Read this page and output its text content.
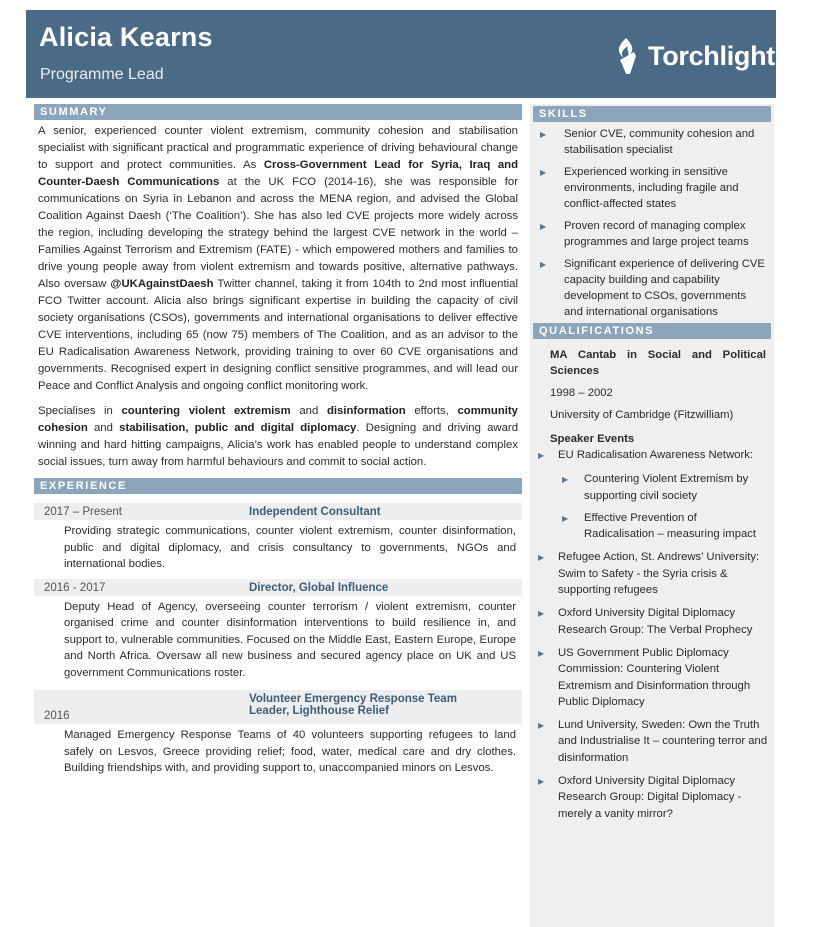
Alicia Kearns
Programme Lead
Torchlight
SUMMARY

A senior, experienced counter violent extremism, community cohesion and stabilisation specialist with significant practical and programmatic experience of driving behavioural change to support and protect communities. As Cross-Government Lead for Syria, Iraq and Counter-Daesh Communications at the UK FCO (2014-16), she was responsible for communications on Syria in Lebanon and across the MENA region, and advised the Global Coalition Against Daesh (‘The Coalition’). She has also led CVE projects more widely across the region, including developing the strategy behind the largest CVE network in the world – Families Against Terrorism and Extremism (FATE) - which empowered mothers and families to drive young people away from violent extremism and towards positive, alternative pathways. Also oversaw @UKAgainstDaesh Twitter channel, taking it from 104th to 2nd most influential FCO Twitter account. Alicia also brings significant expertise in building the capacity of civil society organisations (CSOs), governments and international organisations to deliver effective CVE interventions, including 65 (now 75) members of The Coalition, and as an advisor to the EU Radicalisation Awareness Network, providing training to over 60 CVE organisations and governments. Recognised expert in designing conflict sensitive programmes, and will lead our Peace and Conflict Analysis and ongoing conflict monitoring work.

Specialises in countering violent extremism and disinformation efforts, community cohesion and stabilisation, public and digital diplomacy. Designing and driving award winning and hard hitting campaigns, Alicia’s work has enabled people to understand complex social issues, turn away from harmful behaviours and commit to social action.

EXPERIENCE
2017 – Present	Independent Consultant
Providing strategic communications, counter violent extremism, counter disinformation, public and digital diplomacy, and crisis consultancy to governments, NGOs and international bodies.
2016 - 2017	Director, Global Influence
Deputy Head of Agency, overseeing counter terrorism / violent extremism, counter organised crime and counter disinformation interventions to build resilience in, and support to, vulnerable communities. Focused on the Middle East, Eastern Europe, Europe and North Africa. Oversaw all new business and secured agency place on UK and US government Communications roster.
2016
Volunteer Emergency Response Team
Leader, Lighthouse Relief
Managed Emergency Response Teams of 40 volunteers supporting refugees to land safely on Lesvos, Greece providing relief; food, water, medical care and dry clothes. Building friendships with, and providing support to, unaccompanied minors on Lesvos.
SKILLS
▶ Senior CVE, community cohesion and stabilisation specialist
▶ Experienced working in sensitive environments, including fragile and conflict-affected states
▶ Proven record of managing complex programmes and large project teams
▶ Significant experience of delivering CVE capacity building and capability development to CSOs, governments and international organisations
QUALIFICATIONS
MA Cantab in Social and Political Sciences
1998 – 2002
University of Cambridge (Fitzwilliam)
Speaker Events
▶ EU Radicalisation Awareness Network:
▶ Countering Violent Extremism by supporting civil society
▶ Effective Prevention of Radicalisation – measuring impact
▶ Refugee Action, St. Andrews’ University: Swim to Safety - the Syria crisis & supporting refugees
▶ Oxford University Digital Diplomacy Research Group: The Verbal Prophecy
▶ US Government Public Diplomacy Commission: Countering Violent Extremism and Disinformation through Public Diplomacy
▶ Lund University, Sweden: Own the Truth and Industrialise It – countering terror and disinformation
▶ Oxford University Digital Diplomacy Research Group: Digital Diplomacy - merely a vanity mirror?
